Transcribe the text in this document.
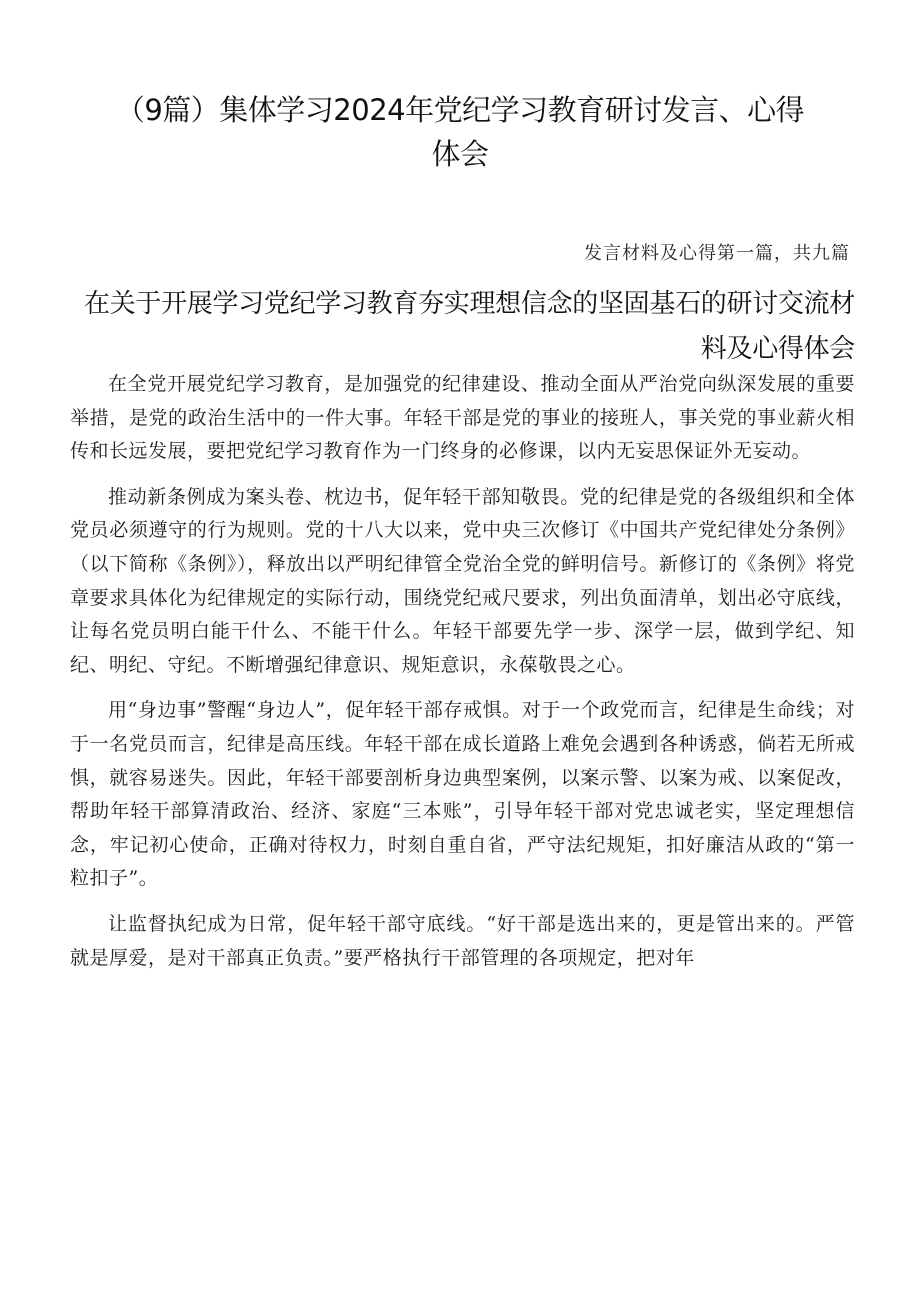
（9篇）集体学习2024年党纪学习教育研讨发言、心得体会
发言材料及心得第一篇，共九篇
在关于开展学习党纪学习教育夯实理想信念的坚固基石的研讨交流材料及心得体会

在全党开展党纪学习教育，是加强党的纪律建设、推动全面从严治党向纵深发展的重要举措，是党的政治生活中的一件大事。年轻干部是党的事业的接班人，事关党的事业薪火相传和长远发展，要把党纪学习教育作为一门终身的必修课，以内无妄思保证外无妄动。

推动新条例成为案头卷、枕边书，促年轻干部知敬畏。党的纪律是党的各级组织和全体党员必须遵守的行为规则。党的十八大以来，党中央三次修订《中国共产党纪律处分条例》（以下简称《条例》），释放出以严明纪律管全党治全党的鲜明信号。新修订的《条例》将党章要求具体化为纪律规定的实际行动，围绕党纪戒尺要求，列出负面清单，划出必守底线，让每名党员明白能干什么、不能干什么。年轻干部要先学一步、深学一层，做到学纪、知纪、明纪、守纪。不断增强纪律意识、规矩意识，永葆敬畏之心。

用“身边事”警醒“身边人”，促年轻干部存戒惧。对于一个政党而言，纪律是生命线；对于一名党员而言，纪律是高压线。年轻干部在成长道路上难免会遇到各种诱惑，倘若无所戒惧，就容易迷失。因此，年轻干部要剖析身边典型案例，以案示警、以案为戒、以案促改，帮助年轻干部算清政治、经济、家庭“三本账”，引导年轻干部对党忠诚老实，坚定理想信念，牢记初心使命，正确对待权力，时刻自重自省，严守法纪规矩，扣好廉洁从政的“第一粒扣子”。

让监督执纪成为日常，促年轻干部守底线。“好干部是选出来的，更是管出来的。严管就是厚爱，是对干部真正负责。”要严格执行干部管理的各项规定，把对年
